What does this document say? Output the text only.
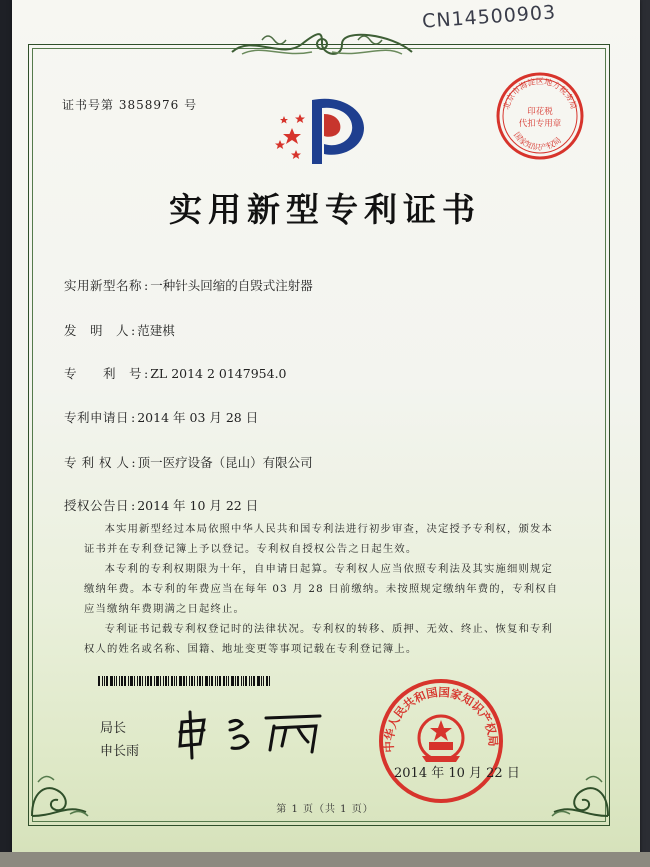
CN14500903
证书号第 3858976 号	北京市海淀区地方税务局
印花税
代扣专用章
国家知识产权局
实用新型专利证书
实用新型名称 : 一种针头回缩的自毁式注射器
发　明　人 : 范建棋
专　　利　号 : ZL 2014 2 0147954.0
专利申请日 : 2014 年 03 月 28 日
专 利 权 人 : 顶一医疗设备（昆山）有限公司
授权公告日 : 2014 年 10 月 22 日

本实用新型经过本局依照中华人民共和国专利法进行初步审查，决定授予专利权，颁发本证书并在专利登记簿上予以登记。专利权自授权公告之日起生效。

本专利的专利权期限为十年，自申请日起算。专利权人应当依照专利法及其实施细则规定缴纳年费。本专利的年费应当在每年 03 月 28 日前缴纳。未按照规定缴纳年费的，专利权自应当缴纳年费期满之日起终止。

专利证书记载专利权登记时的法律状况。专利权的转移、质押、无效、终止、恢复和专利权人的姓名或名称、国籍、地址变更等事项记载在专利登记簿上。

局长
申长雨	中华人民共和国国家知识产权局
2014 年 10 月 22 日
第 1 页（共 1 页）
